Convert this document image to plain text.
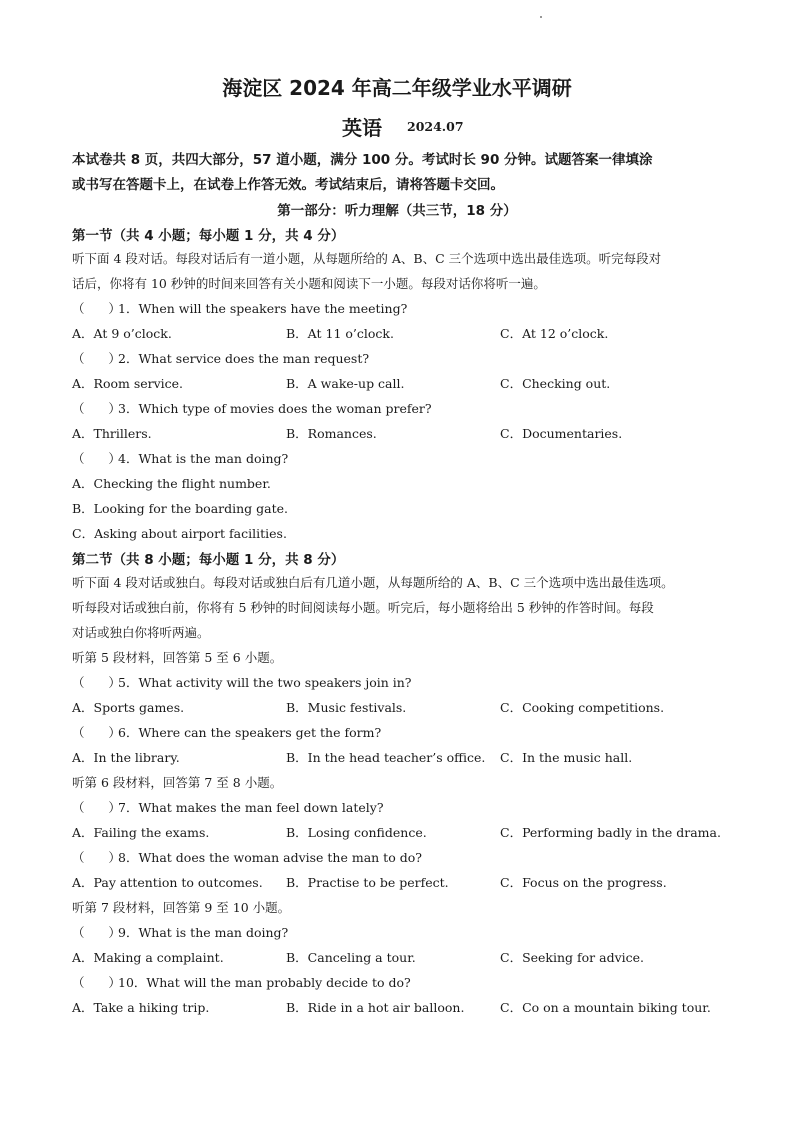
海淀区 2024 年高二年级学业水平调研
英语 2024.07
本试卷共 8 页，共四大部分，57 道小题，满分 100 分。考试时长 90 分钟。试题答案一律填涂
或书写在答题卡上，在试卷上作答无效。考试结束后，请将答题卡交回。
第一部分：听力理解（共三节，18 分）
第一节（共 4 小题；每小题 1 分，共 4 分）
听下面 4 段对话。每段对话后有一道小题，从每题所给的 A、B、C 三个选项中选出最佳选项。听完每段对
话后，你将有 10 秒钟的时间来回答有关小题和阅读下一小题。每段对话你将听一遍。
（ ）1．When will the speakers have the meeting?
A．At 9 o’clock.	B．At 11 o’clock.	C．At 12 o’clock.
（ ）2．What service does the man request?
A．Room service.	B．A wake-up call.	C．Checking out.
（ ）3．Which type of movies does the woman prefer?
A．Thrillers.	B．Romances.	C．Documentaries.
（ ）4．What is the man doing?
A．Checking the flight number.
B．Looking for the boarding gate.
C．Asking about airport facilities.
第二节（共 8 小题；每小题 1 分，共 8 分）
听下面 4 段对话或独白。每段对话或独白后有几道小题，从每题所给的 A、B、C 三个选项中选出最佳选项。
听每段对话或独白前，你将有 5 秒钟的时间阅读每小题。听完后，每小题将给出 5 秒钟的作答时间。每段
对话或独白你将听两遍。
听第 5 段材料，回答第 5 至 6 小题。
（ ）5．What activity will the two speakers join in?
A．Sports games.	B．Music festivals.	C．Cooking competitions.
（ ）6．Where can the speakers get the form?
A．In the library.	B．In the head teacher’s office. C．In the music hall.
听第 6 段材料，回答第 7 至 8 小题。
（ ）7．What makes the man feel down lately?
A．Failing the exams.	B．Losing confidence.	C．Performing badly in the drama.
（ ）8．What does the woman advise the man to do?
A．Pay attention to outcomes. B．Practise to be perfect.	C．Focus on the progress.
听第 7 段材料，回答第 9 至 10 小题。
（ ）9．What is the man doing?
A．Making a complaint.	B．Canceling a tour.	C．Seeking for advice.
（ ）10．What will the man probably decide to do?
A．Take a hiking trip.	B．Ride in a hot air balloon.	C．Co on a mountain biking tour.
